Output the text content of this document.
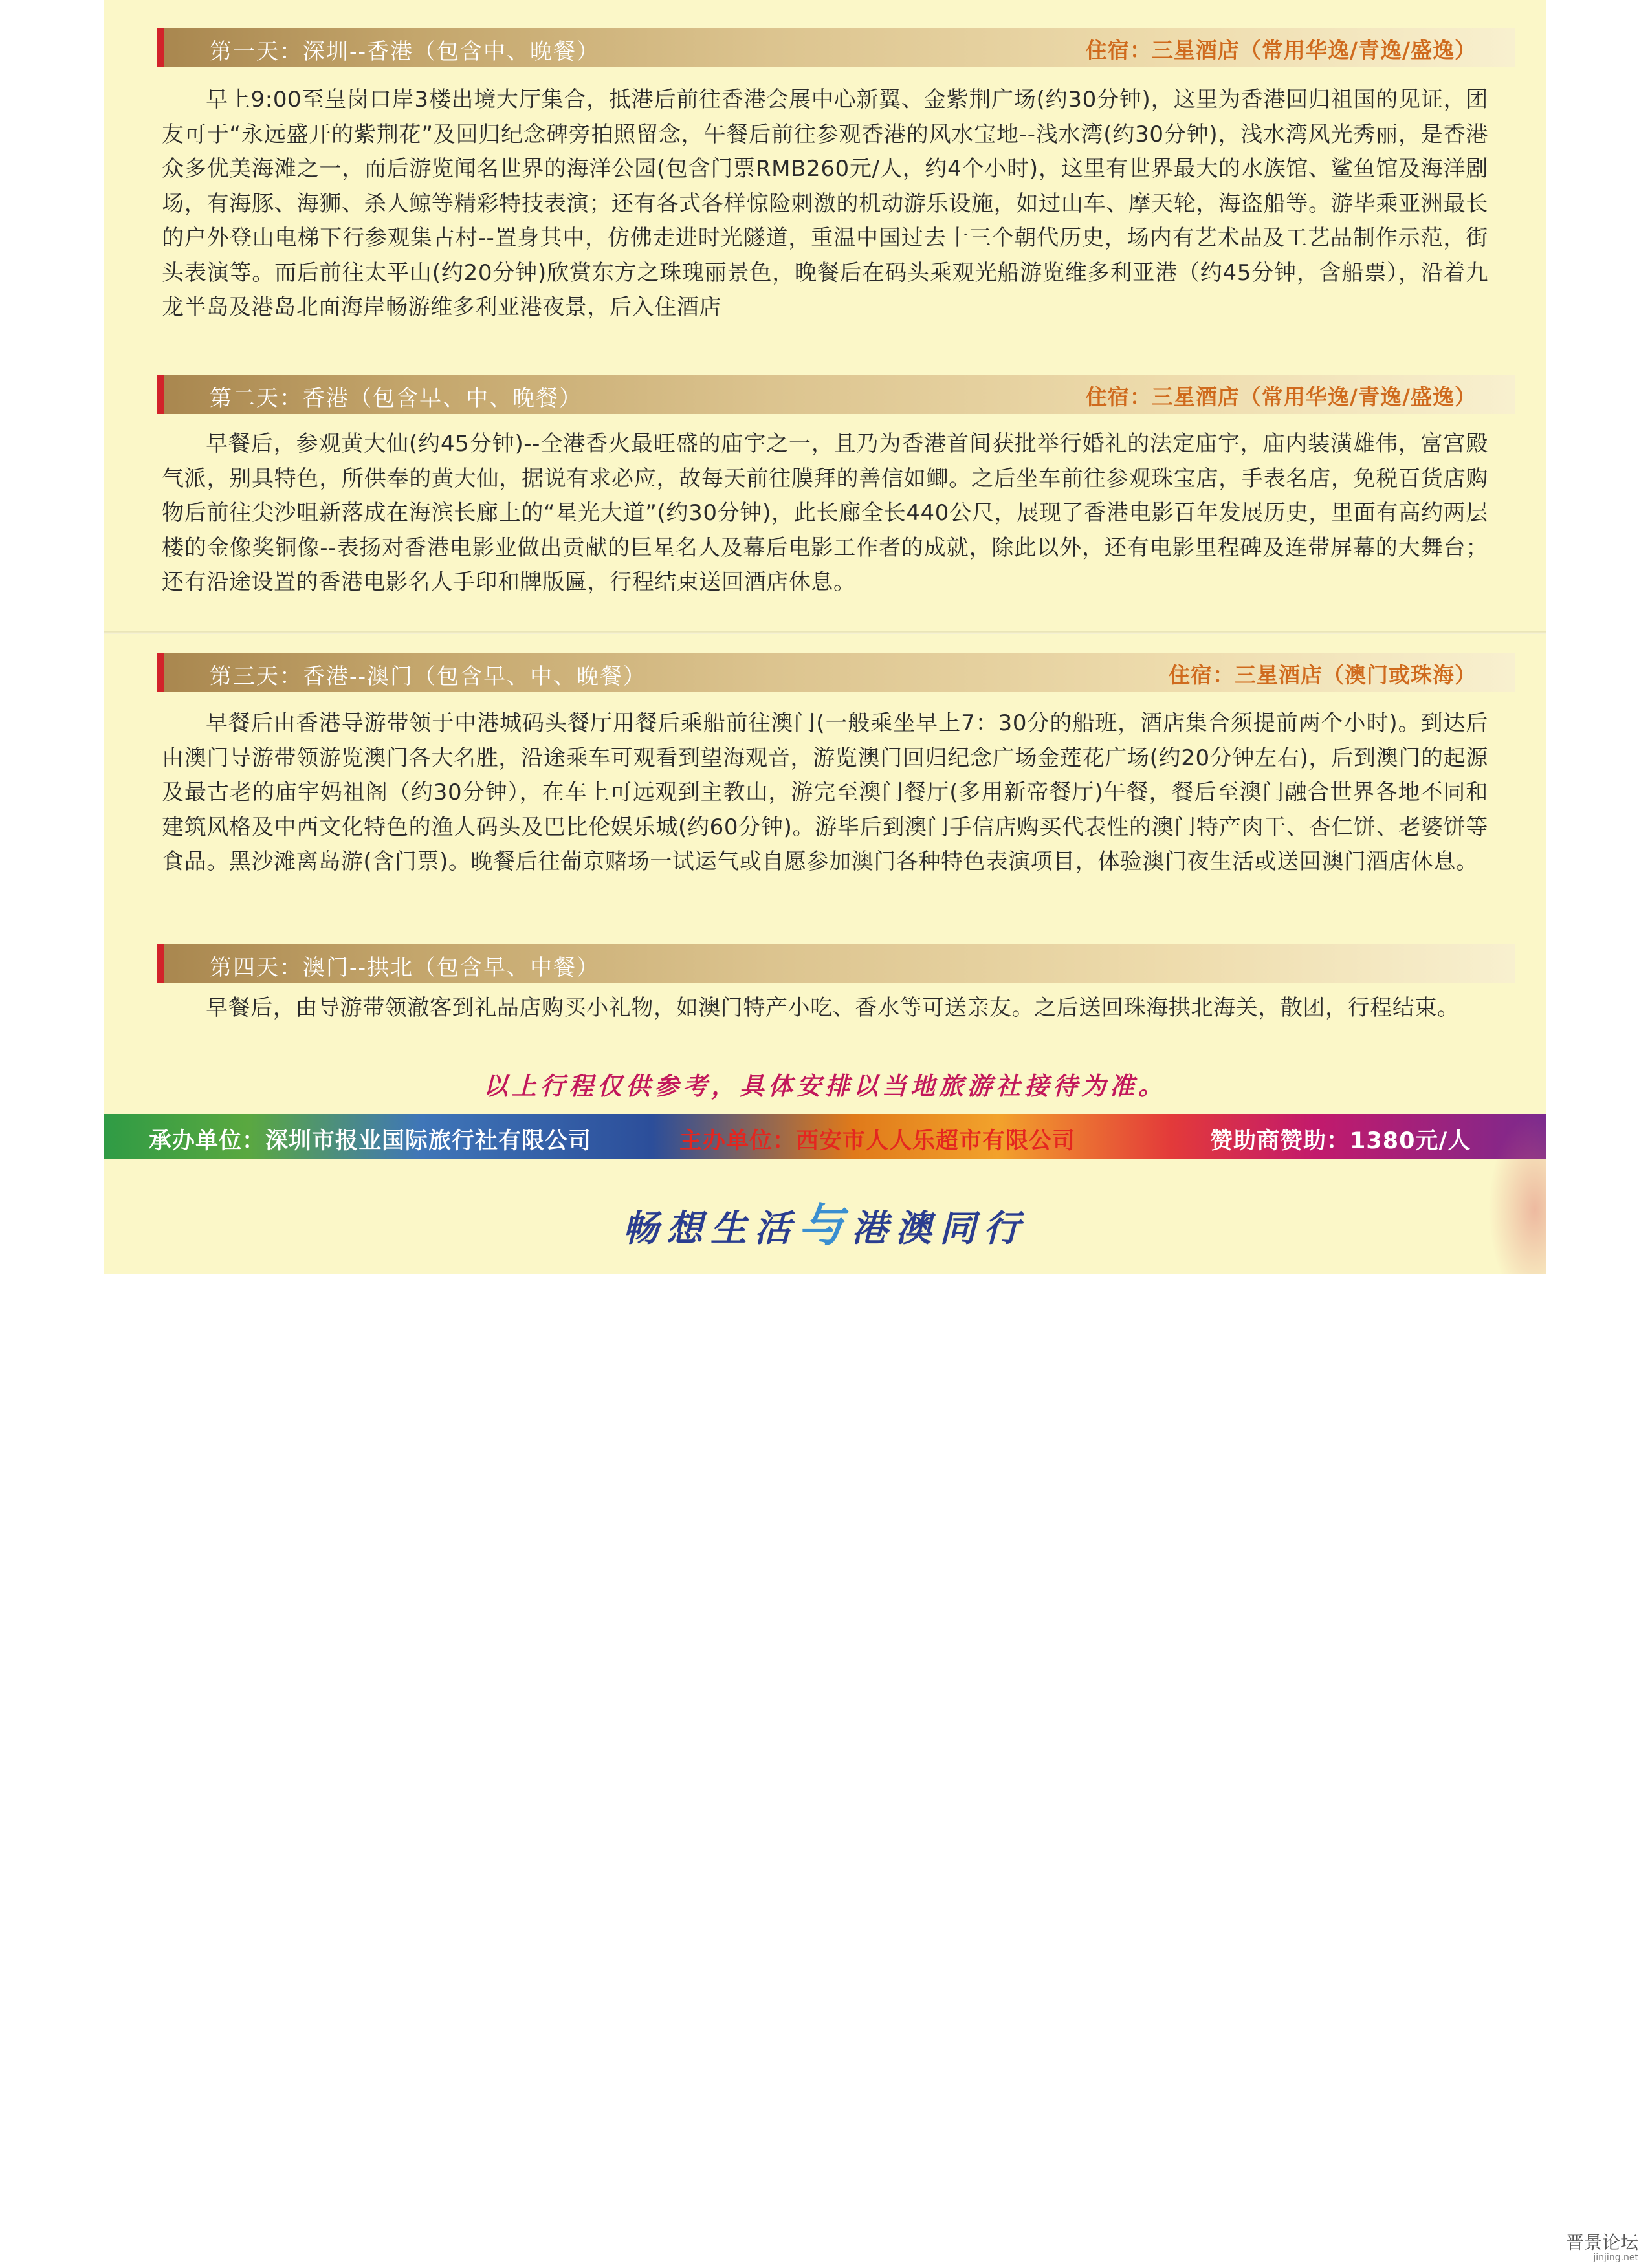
第一天：深圳--香港（包含中、晚餐）	住宿：三星酒店（常用华逸/青逸/盛逸）

早上9:00至皇岗口岸3楼出境大厅集合，抵港后前往香港会展中心新翼、金紫荆广场(约30分钟)，这里为香港回归祖国的见证，团友可于“永远盛开的紫荆花”及回归纪念碑旁拍照留念，午餐后前往参观香港的风水宝地--浅水湾(约30分钟)，浅水湾风光秀丽，是香港众多优美海滩之一，而后游览闻名世界的海洋公园(包含门票RMB260元/人，约4个小时)，这里有世界最大的水族馆、鲨鱼馆及海洋剧场，有海豚、海狮、杀人鲸等精彩特技表演；还有各式各样惊险刺激的机动游乐设施，如过山车、摩天轮，海盗船等。游毕乘亚洲最长的户外登山电梯下行参观集古村--置身其中，仿佛走进时光隧道，重温中国过去十三个朝代历史，场内有艺术品及工艺品制作示范，街头表演等。而后前往太平山(约20分钟)欣赏东方之珠瑰丽景色，晚餐后在码头乘观光船游览维多利亚港（约45分钟，含船票），沿着九龙半岛及港岛北面海岸畅游维多利亚港夜景，后入住酒店

第二天：香港（包含早、中、晚餐）	住宿：三星酒店（常用华逸/青逸/盛逸）

早餐后，参观黄大仙(约45分钟)--全港香火最旺盛的庙宇之一，且乃为香港首间获批举行婚礼的法定庙宇，庙内装潢雄伟，富宫殿气派，别具特色，所供奉的黄大仙，据说有求必应，故每天前往膜拜的善信如鲫。之后坐车前往参观珠宝店，手表名店，免税百货店购物后前往尖沙咀新落成在海滨长廊上的“星光大道”(约30分钟)，此长廊全长440公尺，展现了香港电影百年发展历史，里面有高约两层楼的金像奖铜像--表扬对香港电影业做出贡献的巨星名人及幕后电影工作者的成就，除此以外，还有电影里程碑及连带屏幕的大舞台；还有沿途设置的香港电影名人手印和牌版匾，行程结束送回酒店休息。

第三天：香港--澳门（包含早、中、晚餐）	住宿：三星酒店（澳门或珠海）

早餐后由香港导游带领于中港城码头餐厅用餐后乘船前往澳门(一般乘坐早上7：30分的船班，酒店集合须提前两个小时)。到达后由澳门导游带领游览澳门各大名胜，沿途乘车可观看到望海观音，游览澳门回归纪念广场金莲花广场(约20分钟左右)，后到澳门的起源及最古老的庙宇妈祖阁（约30分钟），在车上可远观到主教山，游完至澳门餐厅(多用新帝餐厅)午餐，餐后至澳门融合世界各地不同和建筑风格及中西文化特色的渔人码头及巴比伦娱乐城(约60分钟)。游毕后到澳门手信店购买代表性的澳门特产肉干、杏仁饼、老婆饼等食品。黑沙滩离岛游(含门票)。晚餐后往葡京赌场一试运气或自愿参加澳门各种特色表演项目，体验澳门夜生活或送回澳门酒店休息。

第四天：澳门--拱北（包含早、中餐）

早餐后，由导游带领澈客到礼品店购买小礼物，如澳门特产小吃、香水等可送亲友。之后送回珠海拱北海关，散团，行程结束。

以上行程仅供参考，具体安排以当地旅游社接待为准。
承办单位：深圳市报业国际旅行社有限公司	主办单位：西安市人人乐超市有限公司	赞助商赞助：1380元/人
畅想生活与港澳同行
晋景论坛
jinjing.net
